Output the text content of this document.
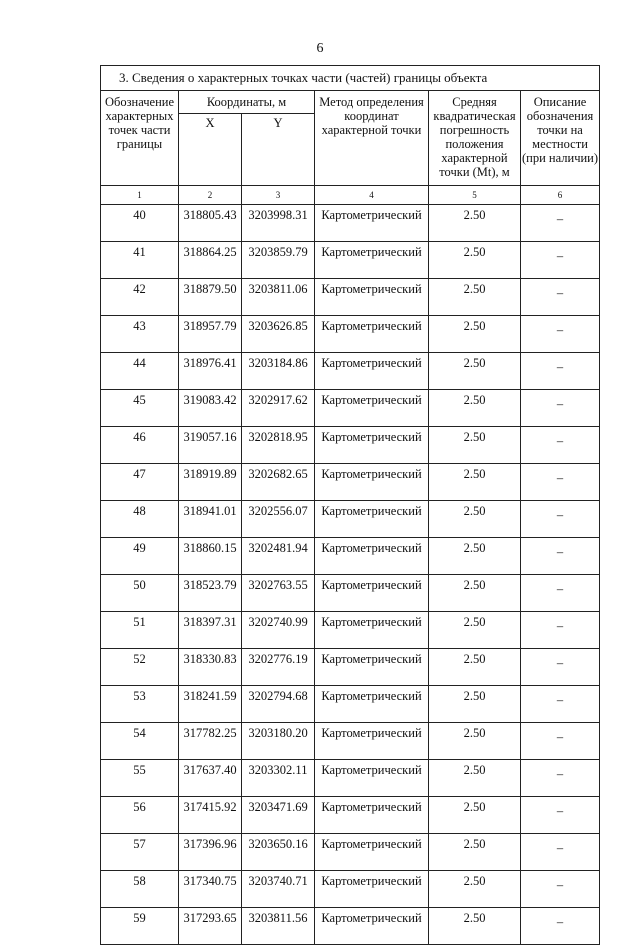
6
3. Сведения о характерных точках части (частей) границы объекта					
Обозначение характерных точек части границы	Координаты, м		Метод определения координат характерной точки	Средняя квадратическая погрешность положения характерной точки (Mt), м	Описание обозначения точки на местности (при наличии)
	X	Y			
1	2	3	4	5	6
40	318805.43	3203998.31	Картометрический	2.50	–
41	318864.25	3203859.79	Картометрический	2.50	–
42	318879.50	3203811.06	Картометрический	2.50	–
43	318957.79	3203626.85	Картометрический	2.50	–
44	318976.41	3203184.86	Картометрический	2.50	–
45	319083.42	3202917.62	Картометрический	2.50	–
46	319057.16	3202818.95	Картометрический	2.50	–
47	318919.89	3202682.65	Картометрический	2.50	–
48	318941.01	3202556.07	Картометрический	2.50	–
49	318860.15	3202481.94	Картометрический	2.50	–
50	318523.79	3202763.55	Картометрический	2.50	–
51	318397.31	3202740.99	Картометрический	2.50	–
52	318330.83	3202776.19	Картометрический	2.50	–
53	318241.59	3202794.68	Картометрический	2.50	–
54	317782.25	3203180.20	Картометрический	2.50	–
55	317637.40	3203302.11	Картометрический	2.50	–
56	317415.92	3203471.69	Картометрический	2.50	–
57	317396.96	3203650.16	Картометрический	2.50	–
58	317340.75	3203740.71	Картометрический	2.50	–
59	317293.65	3203811.56	Картометрический	2.50	–
